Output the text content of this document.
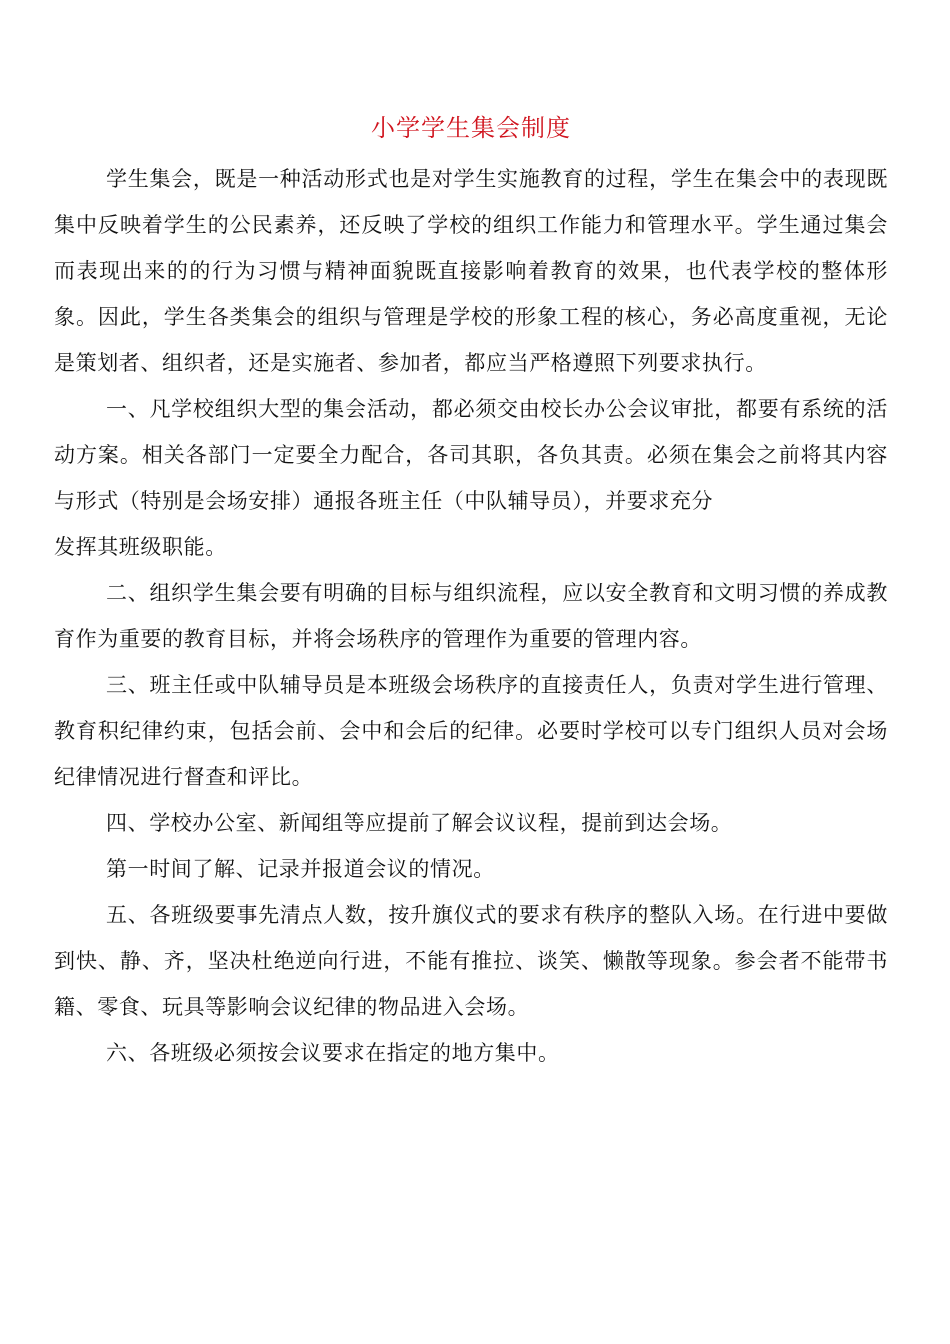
小学学生集会制度

学生集会，既是一种活动形式也是对学生实施教育的过程，学生在集会中的表现既集中反映着学生的公民素养，还反映了学校的组织工作能力和管理水平。学生通过集会而表现出来的的行为习惯与精神面貌既直接影响着教育的效果，也代表学校的整体形象。因此，学生各类集会的组织与管理是学校的形象工程的核心，务必高度重视，无论是策划者、组织者，还是实施者、参加者，都应当严格遵照下列要求执行。

一、凡学校组织大型的集会活动，都必须交由校长办公会议审批，都要有系统的活动方案。相关各部门一定要全力配合，各司其职，各负其责。必须在集会之前将其内容与形式（特别是会场安排）通报各班主任（中队辅导员），并要求充分

发挥其班级职能。

二、组织学生集会要有明确的目标与组织流程，应以安全教育和文明习惯的养成教育作为重要的教育目标，并将会场秩序的管理作为重要的管理内容。

三、班主任或中队辅导员是本班级会场秩序的直接责任人，负责对学生进行管理、教育积纪律约束，包括会前、会中和会后的纪律。必要时学校可以专门组织人员对会场纪律情况进行督查和评比。

四、学校办公室、新闻组等应提前了解会议议程，提前到达会场。

第一时间了解、记录并报道会议的情况。

五、各班级要事先清点人数，按升旗仪式的要求有秩序的整队入场。在行进中要做到快、静、齐，坚决杜绝逆向行进，不能有推拉、谈笑、懒散等现象。参会者不能带书籍、零食、玩具等影响会议纪律的物品进入会场。

六、各班级必须按会议要求在指定的地方集中。
